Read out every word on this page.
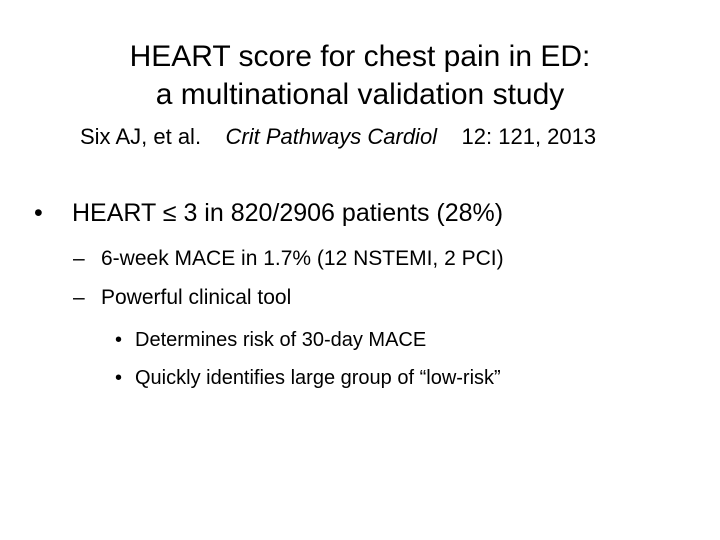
HEART score for chest pain in ED:
a multinational validation study
Six AJ, et al. Crit Pathways Cardiol 12: 121, 2013
• HEART ≤ 3 in 820/2906 patients (28%)
– 6-week MACE in 1.7% (12 NSTEMI, 2 PCI)
– Powerful clinical tool
• Determines risk of 30-day MACE
• Quickly identifies large group of “low-risk”
